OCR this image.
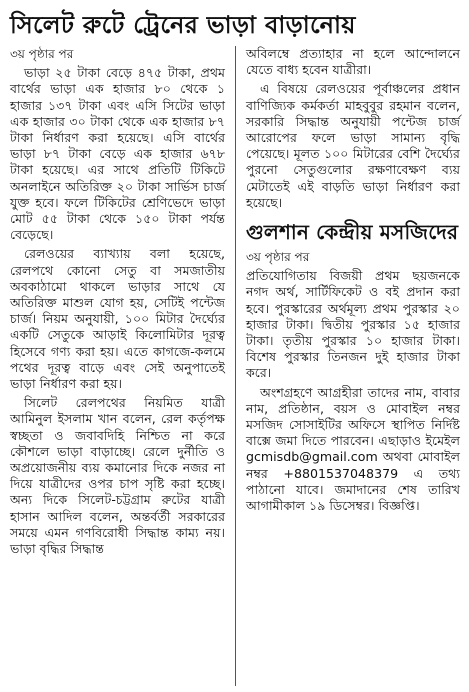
সিলেট রুটে ট্রেনের ভাড়া বাড়ানোয়

৩য় পৃষ্ঠার পর

ভাড়া ২৫ টাকা বেড়ে ৪৭৫ টাকা, প্রথম বার্থের ভাড়া এক হাজার ৮০ থেকে ১ হাজার ১৩৭ টাকা এবং এসি সিটের ভাড়া এক হাজার ৩০ টাকা থেকে এক হাজার ৮৭ টাকা নির্ধারণ করা হয়েছে। এসি বার্থের ভাড়া ৮৭ টাকা বেড়ে এক হাজার ৬৭৮ টাকা হয়েছে। এর সাথে প্রতিটি টিকিটে অনলাইনে অতিরিক্ত ২০ টাকা সার্ভিস চার্জ যুক্ত হবে। ফলে টিকিটের শ্রেণিভেদে ভাড়া মোট ৫৫ টাকা থেকে ১৫০ টাকা পর্যন্ত বেড়েছে।

রেলওয়ের ব্যাখ্যায় বলা হয়েছে, রেলপথে কোনো সেতু বা সমজাতীয় অবকাঠামো থাকলে ভাড়ার সাথে যে অতিরিক্ত মাশুল যোগ হয়, সেটিই পন্টেজ চার্জ। নিয়ম অনুযায়ী, ১০০ মিটার দৈর্ঘ্যের একটি সেতুকে আড়াই কিলোমিটার দূরত্ব হিসেবে গণ্য করা হয়। এতে কাগজে-কলমে পথের দূরত্ব বাড়ে এবং সেই অনুপাতেই ভাড়া নির্ধারণ করা হয়।

সিলেট রেলপথের নিয়মিত যাত্রী আমিনুল ইসলাম খান বলেন, রেল কর্তৃপক্ষ স্বচ্ছতা ও জবাবদিহি নিশ্চিত না করে কৌশলে ভাড়া বাড়াচ্ছে। রেলে দুর্নীতি ও অপ্রয়োজনীয় ব্যয় কমানোর দিকে নজর না দিয়ে যাত্রীদের ওপর চাপ সৃষ্টি করা হচ্ছে। অন্য দিকে সিলেট-চট্টগ্রাম রুটের যাত্রী হাসান আদিল বলেন, অন্তর্বর্তী সরকারের সময়ে এমন গণবিরোধী সিদ্ধান্ত কাম্য নয়। ভাড়া বৃদ্ধির সিদ্ধান্ত

অবিলম্বে প্রত্যাহার না হলে আন্দোলনে যেতে বাধ্য হবেন যাত্রীরা।

এ বিষয়ে রেলওয়ের পূর্বাঞ্চলের প্রধান বাণিজ্যিক কর্মকর্তা মাহবুবুর রহমান বলেন, সরকারি সিদ্ধান্ত অনুযায়ী পন্টেজ চার্জ আরোপের ফলে ভাড়া সামান্য বৃদ্ধি পেয়েছে। মূলত ১০০ মিটারের বেশি দৈর্ঘ্যের পুরনো সেতুগুলোর রক্ষণাবেক্ষণ ব্যয় মেটাতেই এই বাড়তি ভাড়া নির্ধারণ করা হয়েছে।

গুলশান কেন্দ্রীয় মসজিদের

৩য় পৃষ্ঠার পর

প্রতিযোগিতায় বিজয়ী প্রথম ছয়জনকে নগদ অর্থ, সার্টিফিকেট ও বই প্রদান করা হবে। পুরস্কারের অর্থমূল্য প্রথম পুরস্কার ২০ হাজার টাকা। দ্বিতীয় পুরস্কার ১৫ হাজার টাকা। তৃতীয় পুরস্কার ১০ হাজার টাকা। বিশেষ পুরস্কার তিনজন দুই হাজার টাকা করে।

অংশগ্রহণে আগ্রহীরা তাদের নাম, বাবার নাম, প্রতিষ্ঠান, বয়স ও মোবাইল নম্বর মসজিদ সোসাইটির অফিসে স্থাপিত নির্দিষ্ট বাক্সে জমা দিতে পারবেন। এছাড়াও ইমেইল gcmisdb@gmail.com অথবা মোবাইল নম্বর +8801537048379 এ তথ্য পাঠানো যাবে। জমাদানের শেষ তারিখ আগামীকাল ১৯ ডিসেম্বর। বিজ্ঞপ্তি।
